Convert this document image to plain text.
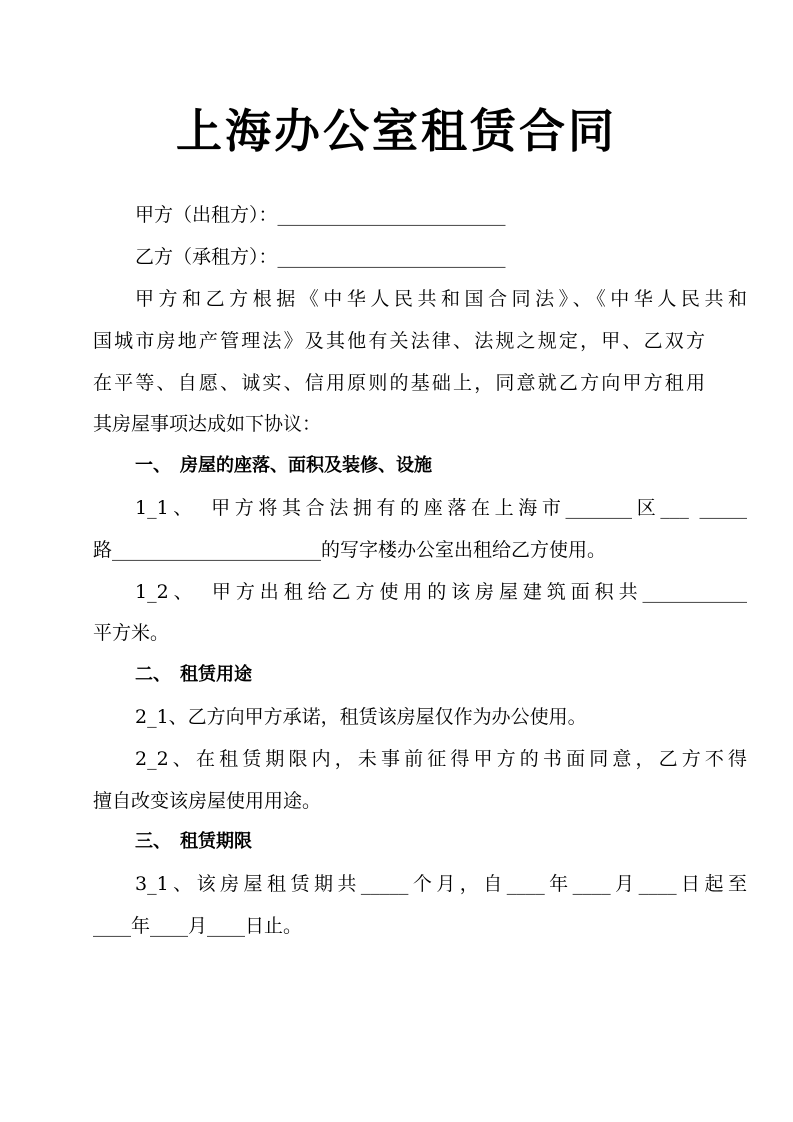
上海办公室租赁合同
甲方（出租方）：________________________
乙方（承租方）：________________________
甲方和乙方根据《中华人民共和国合同法》、《中华人民共和
国城市房地产管理法》及其他有关法律、法规之规定，甲、乙双方
在平等、自愿、诚实、信用原则的基础上，同意就乙方向甲方租用
其房屋事项达成如下协议：
一、　房屋的座落、面积及装修、设施
1_1、　甲方将其合法拥有的座落在上海市_______区___ _____
路______________________的写字楼办公室出租给乙方使用。
1_2、　甲方出租给乙方使用的该房屋建筑面积共___________
平方米。
二、　租赁用途
2_1、乙方向甲方承诺，租赁该房屋仅作为办公使用。
2_2、在租赁期限内，未事前征得甲方的书面同意，乙方不得
擅自改变该房屋使用用途。
三、　租赁期限
3_1、该房屋租赁期共_____个月，自____年____月____日起至
____年____月____日止。
